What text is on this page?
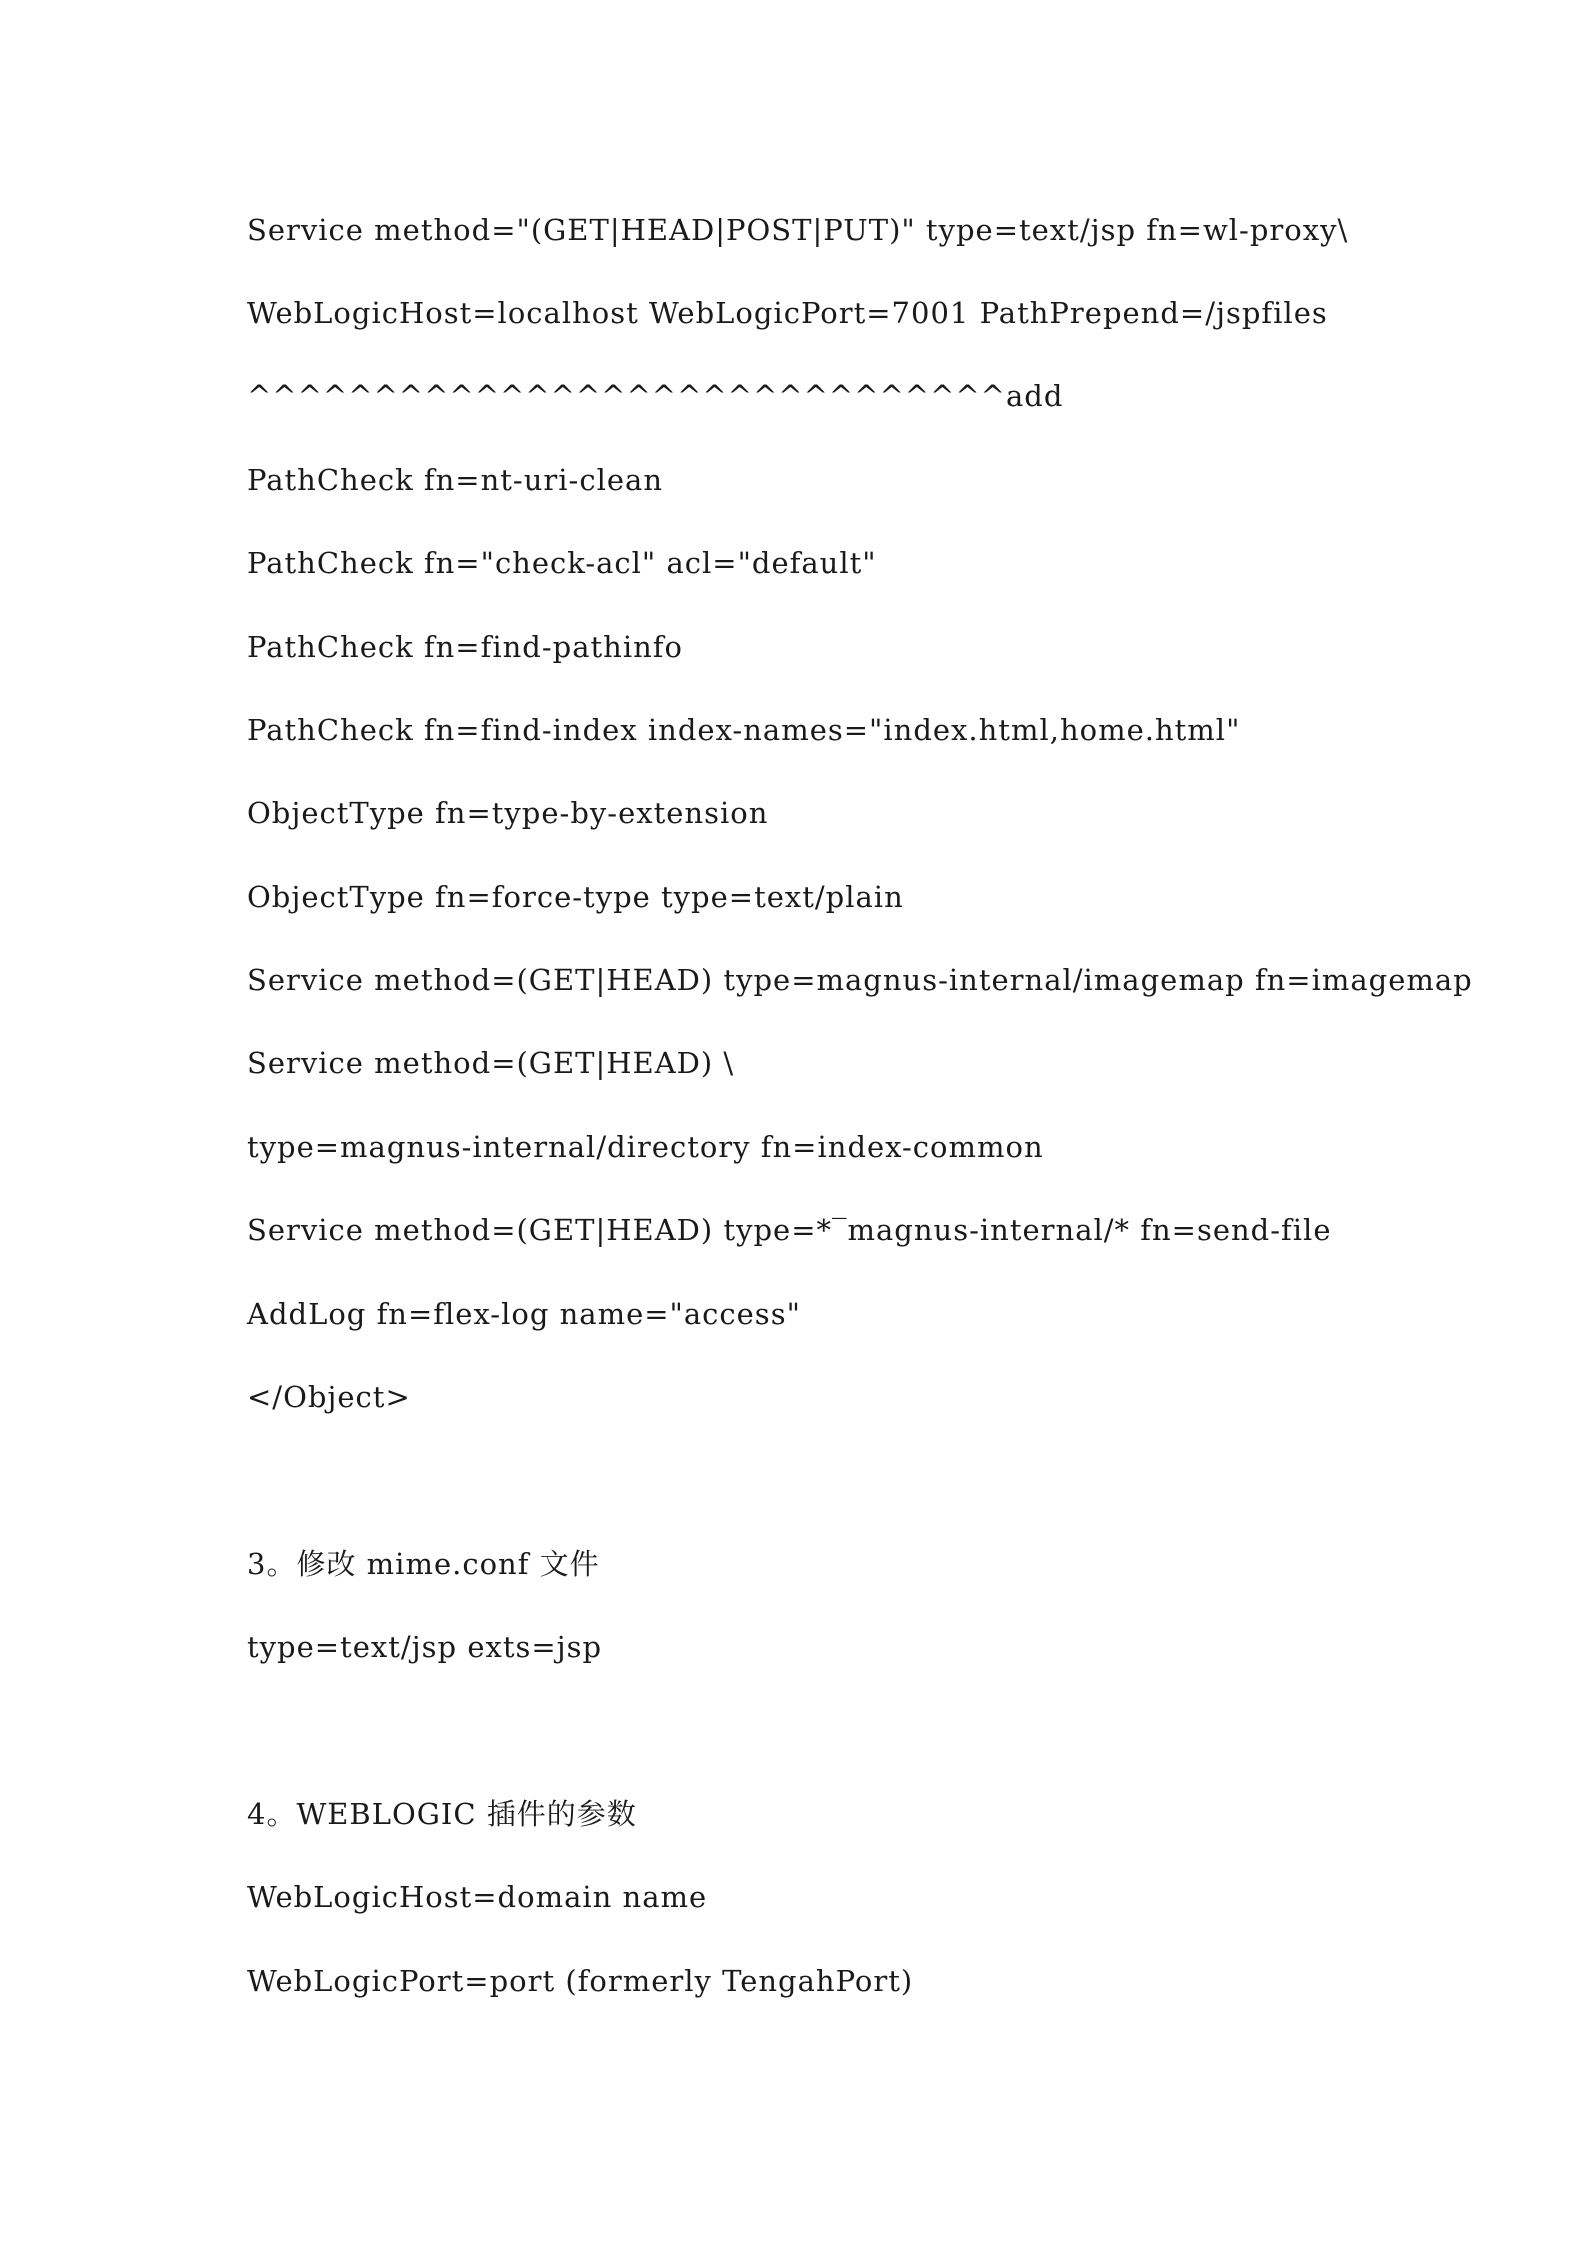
Service method="(GET|HEAD|POST|PUT)" type=text/jsp fn=wl-proxy\
WebLogicHost=localhost WebLogicPort=7001 PathPrepend=/jspfiles
^^^^^^^^^^^^^^^^^^^^^^^^^^^^^^add
PathCheck fn=nt-uri-clean
PathCheck fn="check-acl" acl="default"
PathCheck fn=find-pathinfo
PathCheck fn=find-index index-names="index.html,home.html"
ObjectType fn=type-by-extension
ObjectType fn=force-type type=text/plain
Service method=(GET|HEAD) type=magnus-internal/imagemap fn=imagemap
Service method=(GET|HEAD) \
type=magnus-internal/directory fn=index-common
Service method=(GET|HEAD) type=*‾magnus-internal/* fn=send-file
AddLog fn=flex-log name="access"
</Object>
3。修改 mime.conf 文件
type=text/jsp exts=jsp
4。WEBLOGIC 插件的参数
WebLogicHost=domain name
WebLogicPort=port (formerly TengahPort)
